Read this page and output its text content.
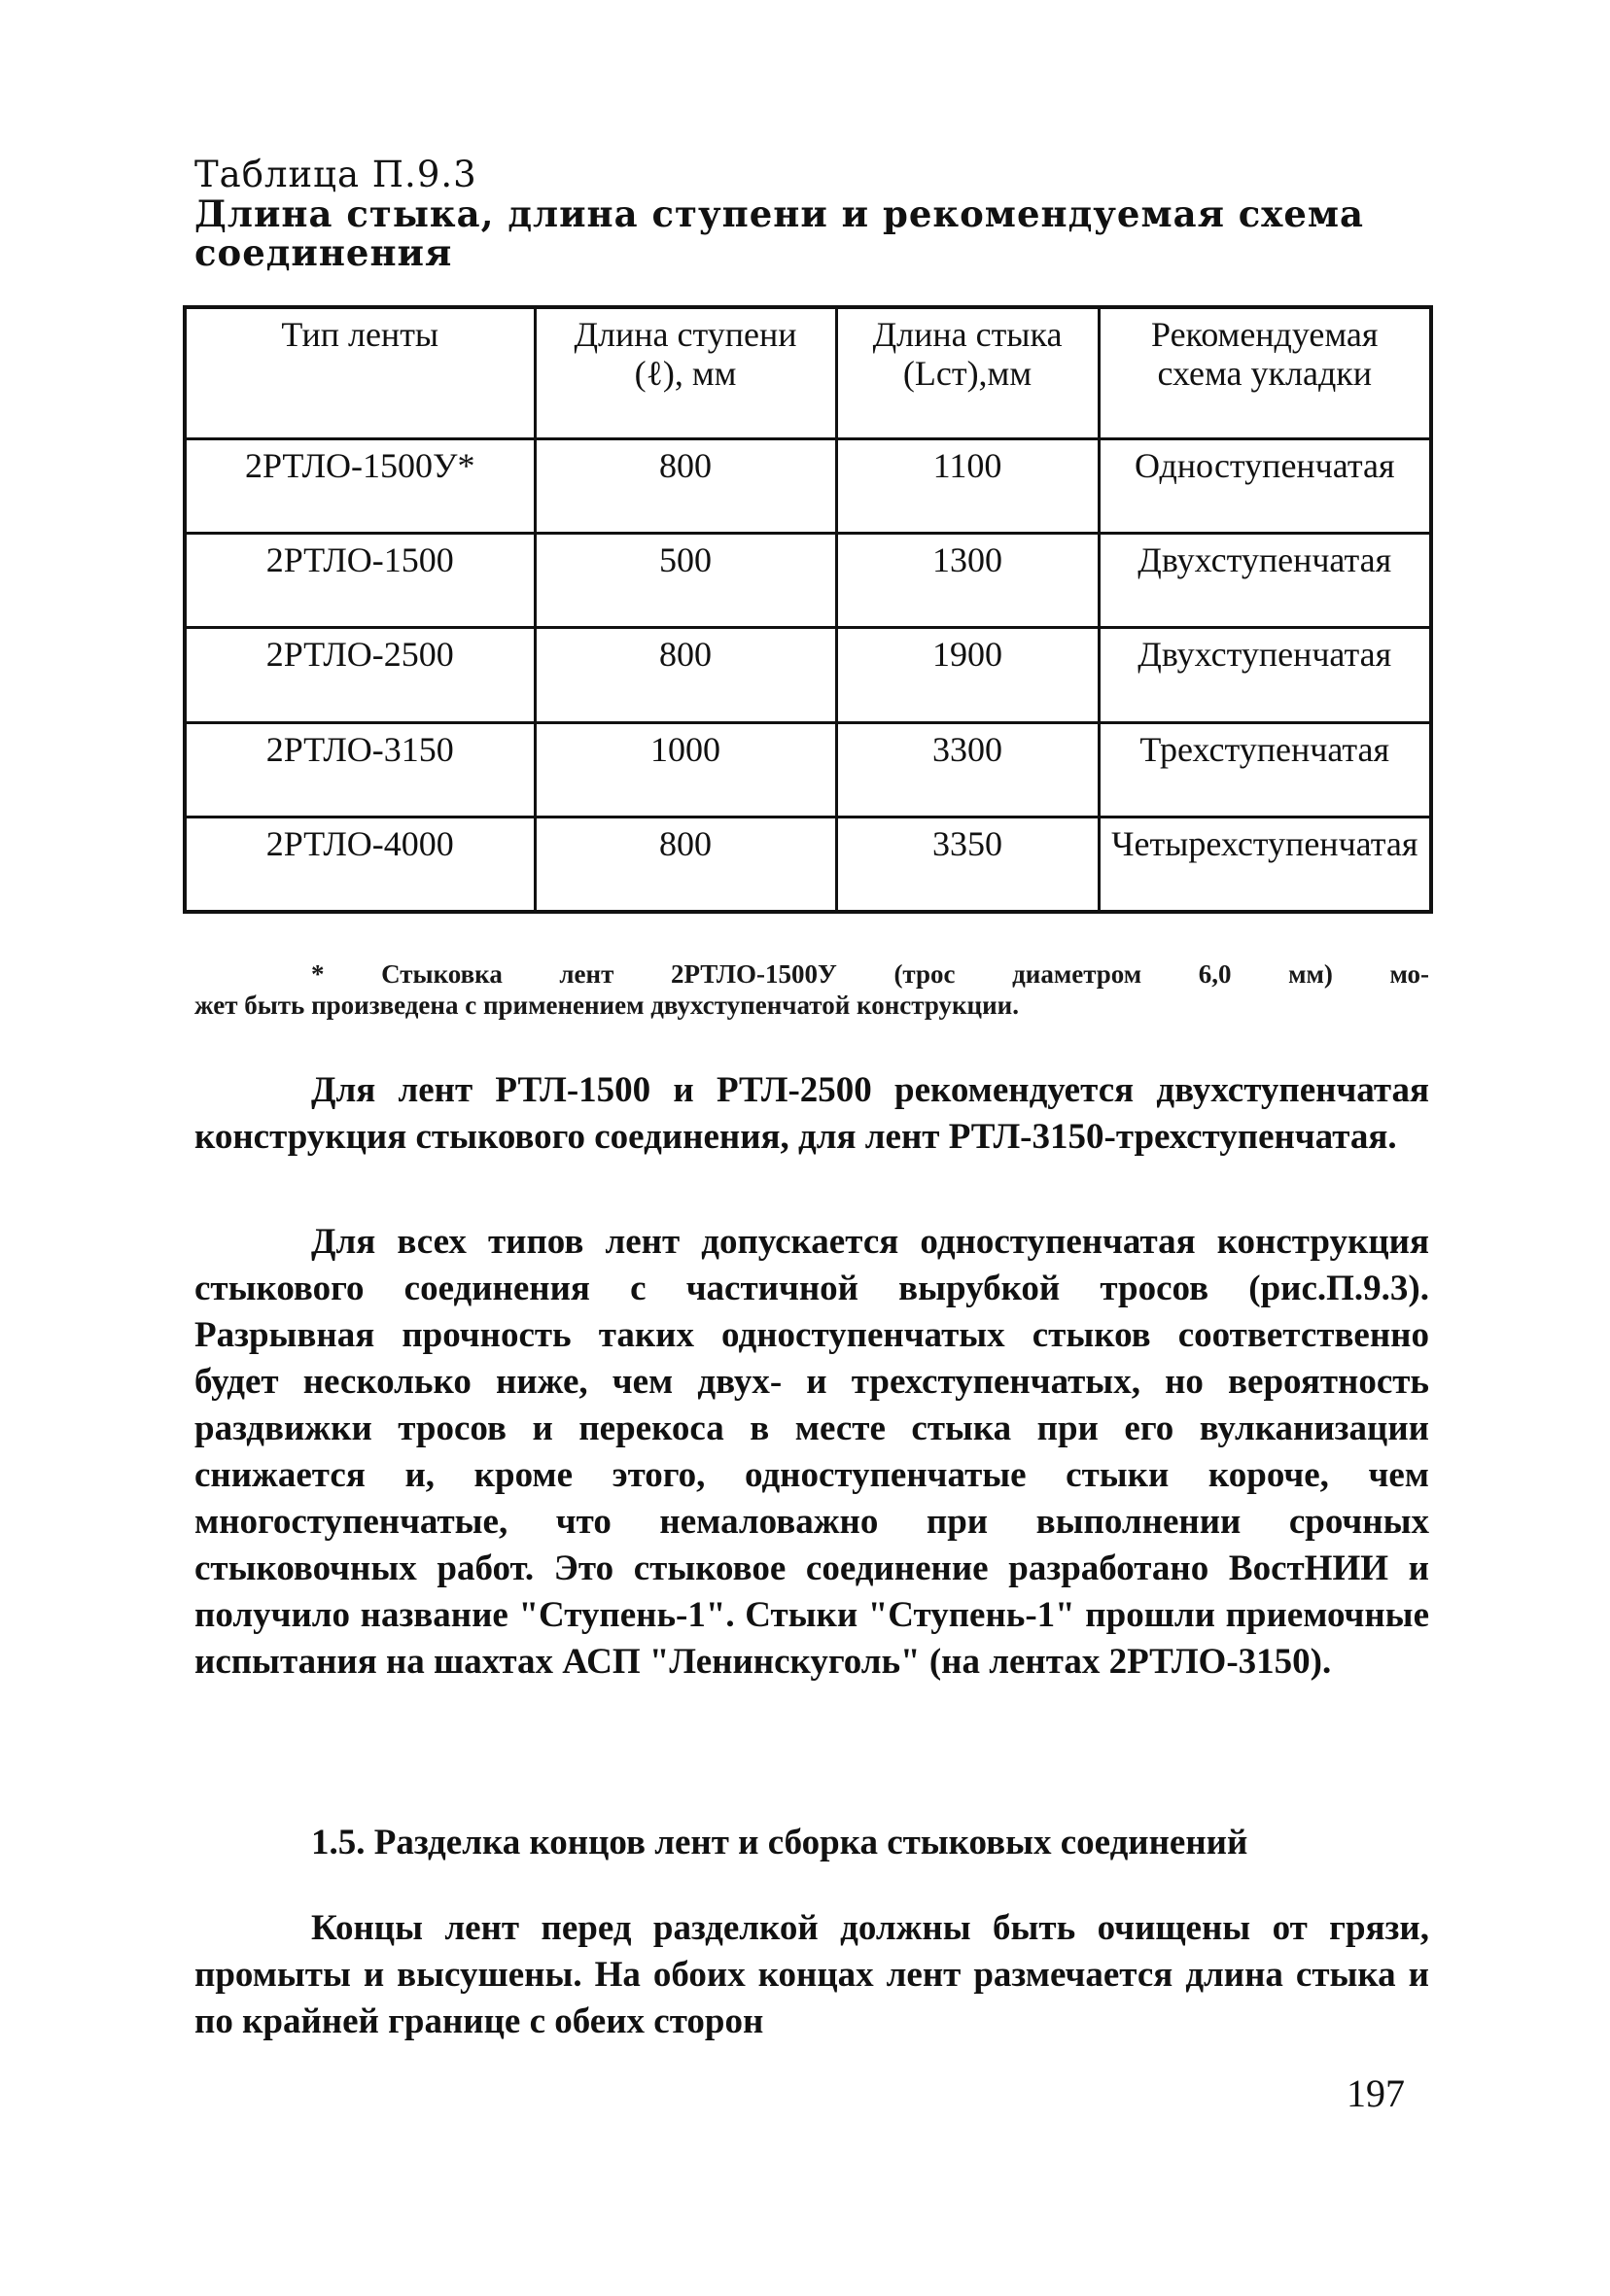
Таблица П.9.3
Длина стыка, длина ступени и рекомендуемая схема соединения
Тип ленты	Длина ступени (ℓ), мм	Длина стыка (Lст),мм	Рекомендуемая схема укладки
2РТЛО-1500У*	800	1100	Одноступенчатая
2РТЛО-1500	500	1300	Двухступенчатая
2РТЛО-2500	800	1900	Двухступенчатая
2РТЛО-3150	1000	3300	Трехступенчатая
2РТЛО-4000	800	3350	Четырехступенчатая
* Стыковка лент 2РТЛО-1500У (трос диаметром 6,0 мм) мо-
жет быть произведена с применением двухступенчатой конструкции.

Для лент РТЛ-1500 и РТЛ-2500 рекомендуется двухступенчатая конструкция стыкового соединения, для лент РТЛ-3150-трехступенчатая.

Для всех типов лент допускается одноступенчатая конструкция стыкового соединения с частичной вырубкой тросов (рис.П.9.3). Разрывная прочность таких одноступенчатых стыков соответственно будет несколько ниже, чем двух- и трехступенчатых, но вероятность раздвижки тросов и перекоса в месте стыка при его вулканизации снижается и, кроме этого, одноступенчатые стыки короче, чем многоступенчатые, что немаловажно при выполнении срочных стыковочных работ. Это стыковое соединение разработано ВостНИИ и получило название "Ступень-1". Стыки "Ступень-1" прошли приемочные испытания на шахтах АСП "Ленинскуголь" (на лентах 2РТЛО-3150).

1.5. Разделка концов лент и сборка стыковых соединений

Концы лент перед разделкой должны быть очищены от грязи, промыты и высушены. На обоих концах лент размечается длина стыка и по крайней границе с обеих сторон

197
